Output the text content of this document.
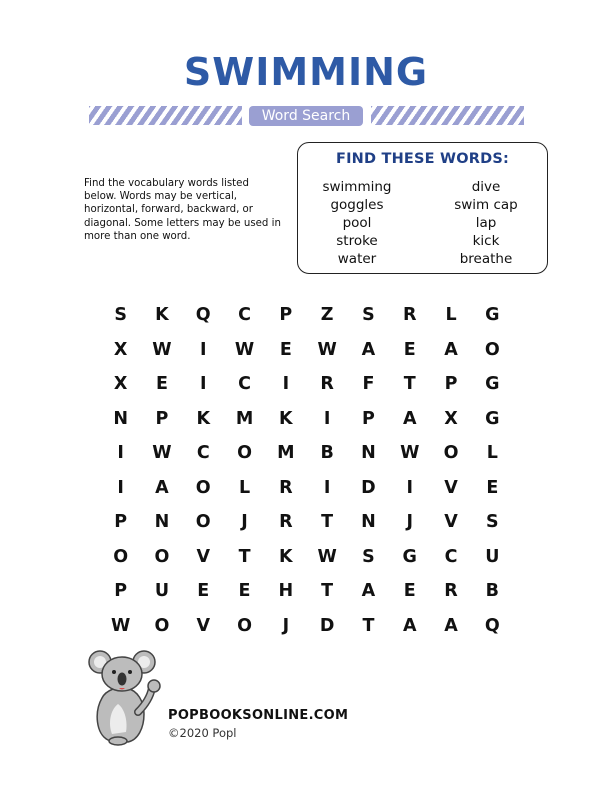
SWIMMING
Word Search

Find the vocabulary words listed below. Words may be vertical, horizontal, forward, backward, or diagonal. Some letters may be used in more than one word.

FIND THESE WORDS:
swimming
goggles
pool
stroke
water
dive
swim cap
lap
kick
breathe
S	K	Q	C	P	Z	S	R	L	G
X	W	I	W	E	W	A	E	A	O
X	E	I	C	I	R	F	T	P	G
N	P	K	M	K	I	P	A	X	G
I	W	C	O	M	B	N	W	O	L
I	A	O	L	R	I	D	I	V	E
P	N	O	J	R	T	N	J	V	S
O	O	V	T	K	W	S	G	C	U
P	U	E	E	H	T	A	E	R	B
W	O	V	O	J	D	T	A	A	Q
POPBOOKSONLINE.COM
©2020 Popl
